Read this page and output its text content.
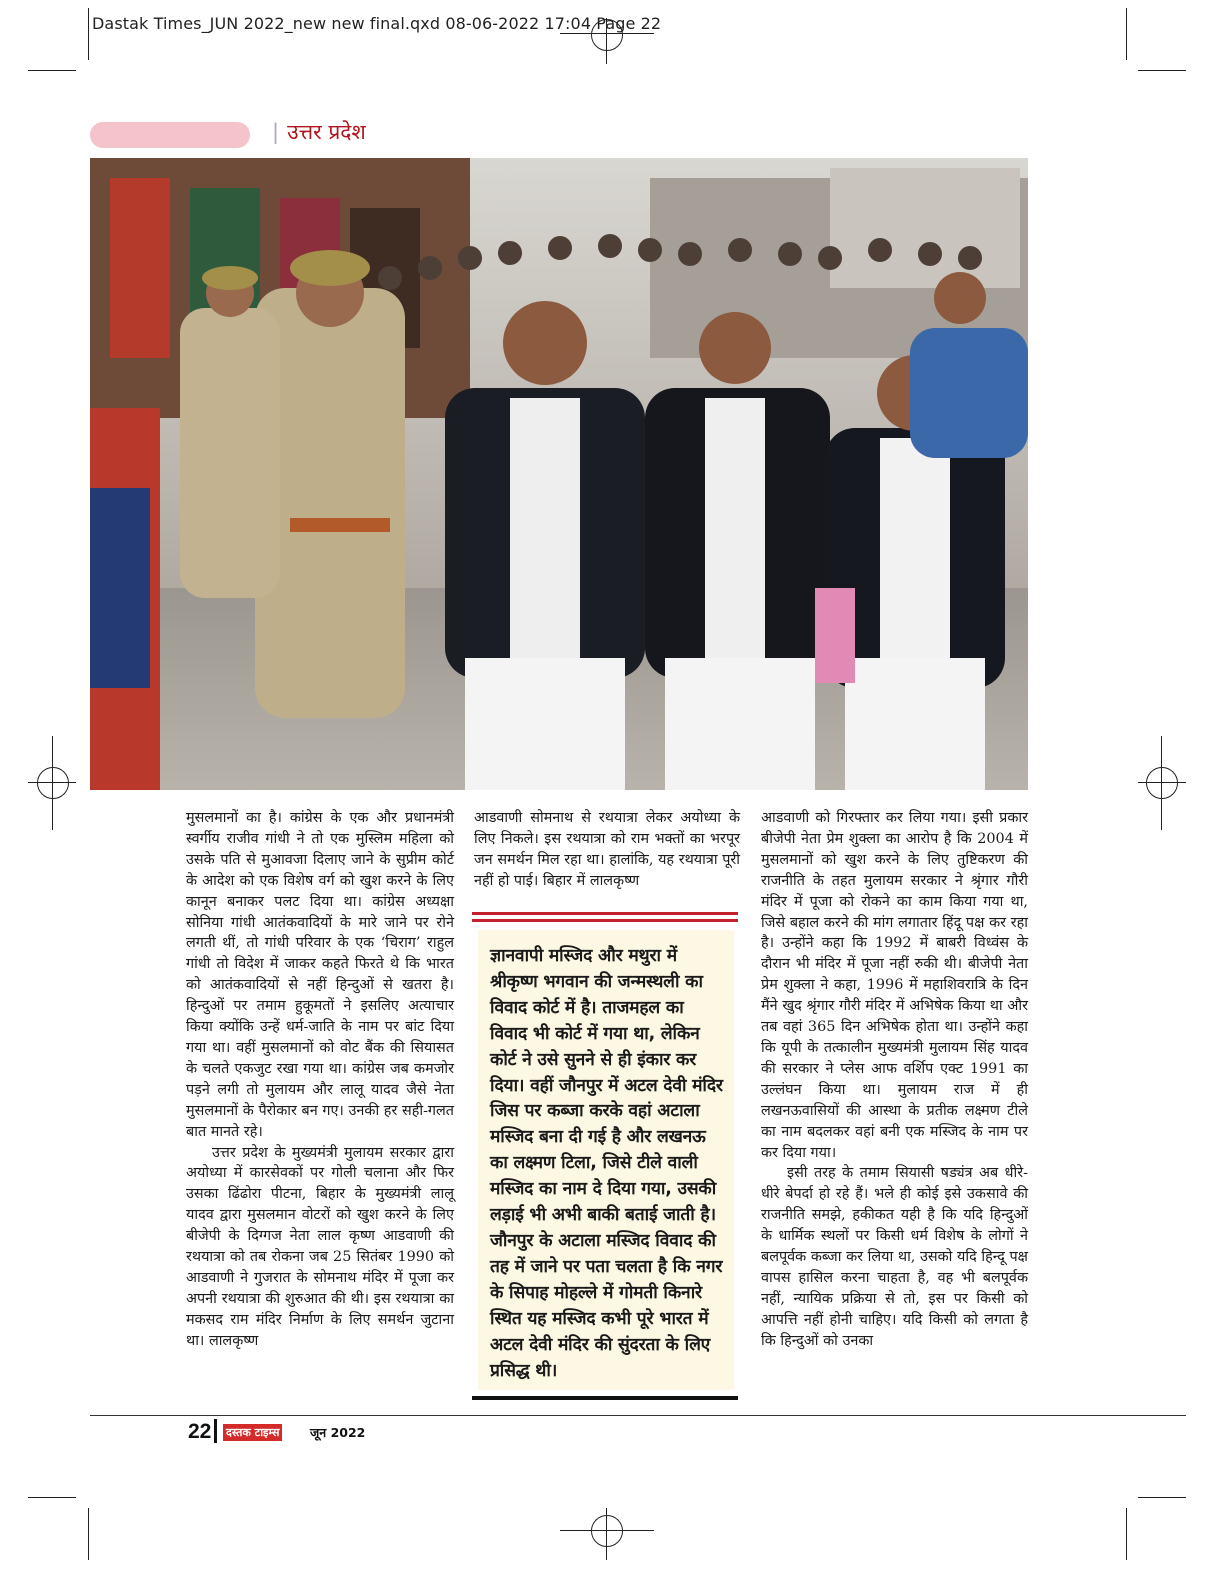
Dastak Times_JUN 2022_new new final.qxd 08-06-2022 17:04 Page 22
| उत्तर प्रदेश

मुसलमानों का है। कांग्रेस के एक और प्रधानमंत्री स्वर्गीय राजीव गांधी ने तो एक मुस्लिम महिला को उसके पति से मुआवजा दिलाए जाने के सुप्रीम कोर्ट के आदेश को एक विशेष वर्ग को खुश करने के लिए कानून बनाकर पलट दिया था। कांग्रेस अध्यक्षा सोनिया गांधी आतंकवादियों के मारे जाने पर रोने लगती थीं, तो गांधी परिवार के एक ‘चिराग’ राहुल गांधी तो विदेश में जाकर कहते फिरते थे कि भारत को आतंकवादियों से नहीं हिन्दुओं से खतरा है। हिन्दुओं पर तमाम हुकूमतों ने इसलिए अत्याचार किया क्योंकि उन्हें धर्म-जाति के नाम पर बांट दिया गया था। वहीं मुसलमानों को वोट बैंक की सियासत के चलते एकजुट रखा गया था। कांग्रेस जब कमजोर पड़ने लगी तो मुलायम और लालू यादव जैसे नेता मुसलमानों के पैरोकार बन गए। उनकी हर सही-गलत बात मानते रहे।

उत्तर प्रदेश के मुख्यमंत्री मुलायम सरकार द्वारा अयोध्या में कारसेवकों पर गोली चलाना और फिर उसका ढिंढोरा पीटना, बिहार के मुख्यमंत्री लालू यादव द्वारा मुसलमान वोटरों को खुश करने के लिए बीजेपी के दिग्गज नेता लाल कृष्ण आडवाणी की रथयात्रा को तब रोकना जब 25 सितंबर 1990 को आडवाणी ने गुजरात के सोमनाथ मंदिर में पूजा कर अपनी रथयात्रा की शुरुआत की थी। इस रथयात्रा का मकसद राम मंदिर निर्माण के लिए समर्थन जुटाना था। लालकृष्ण

आडवाणी सोमनाथ से रथयात्रा लेकर अयोध्या के लिए निकले। इस रथयात्रा को राम भक्तों का भरपूर जन समर्थन मिल रहा था। हालांकि, यह रथयात्रा पूरी नहीं हो पाई। बिहार में लालकृष्ण

ज्ञानवापी मस्जिद और मथुरा में श्रीकृष्ण भगवान की जन्मस्थली का विवाद कोर्ट में है। ताजमहल का विवाद भी कोर्ट में गया था, लेकिन कोर्ट ने उसे सुनने से ही इंकार कर दिया। वहीं जौनपुर में अटल देवी मंदिर जिस पर कब्जा करके वहां अटाला मस्जिद बना दी गई है और लखनऊ का लक्ष्मण टिला, जिसे टीले वाली मस्जिद का नाम दे दिया गया, उसकी लड़ाई भी अभी बाकी बताई जाती है। जौनपुर के अटाला मस्जिद विवाद की तह में जाने पर पता चलता है कि नगर के सिपाह मोहल्ले में गोमती किनारे स्थित यह मस्जिद कभी पूरे भारत में अटल देवी मंदिर की सुंदरता के लिए प्रसिद्ध थी।

आडवाणी को गिरफ्तार कर लिया गया। इसी प्रकार बीजेपी नेता प्रेम शुक्ला का आरोप है कि 2004 में मुसलमानों को खुश करने के लिए तुष्टिकरण की राजनीति के तहत मुलायम सरकार ने श्रृंगार गौरी मंदिर में पूजा को रोकने का काम किया गया था, जिसे बहाल करने की मांग लगातार हिंदू पक्ष कर रहा है। उन्होंने कहा कि 1992 में बाबरी विध्वंस के दौरान भी मंदिर में पूजा नहीं रुकी थी। बीजेपी नेता प्रेम शुक्ला ने कहा, 1996 में महाशिवरात्रि के दिन मैंने खुद श्रृंगार गौरी मंदिर में अभिषेक किया था और तब वहां 365 दिन अभिषेक होता था। उन्होंने कहा कि यूपी के तत्कालीन मुख्यमंत्री मुलायम सिंह यादव की सरकार ने प्लेस आफ वर्शिप एक्ट 1991 का उल्लंघन किया था। मुलायम राज में ही लखनऊवासियों की आस्था के प्रतीक लक्ष्मण टीले का नाम बदलकर वहां बनी एक मस्जिद के नाम पर कर दिया गया।

इसी तरह के तमाम सियासी षड्यंत्र अब धीरे-धीरे बेपर्दा हो रहे हैं। भले ही कोई इसे उकसावे की राजनीति समझे, हकीकत यही है कि यदि हिन्दुओं के धार्मिक स्थलों पर किसी धर्म विशेष के लोगों ने बलपूर्वक कब्जा कर लिया था, उसको यदि हिन्दू पक्ष वापस हासिल करना चाहता है, वह भी बलपूर्वक नहीं, न्यायिक प्रक्रिया से तो, इस पर किसी को आपत्ति नहीं होनी चाहिए। यदि किसी को लगता है कि हिन्दुओं को उनका

22 दस्तक टाइम्स जून 2022
